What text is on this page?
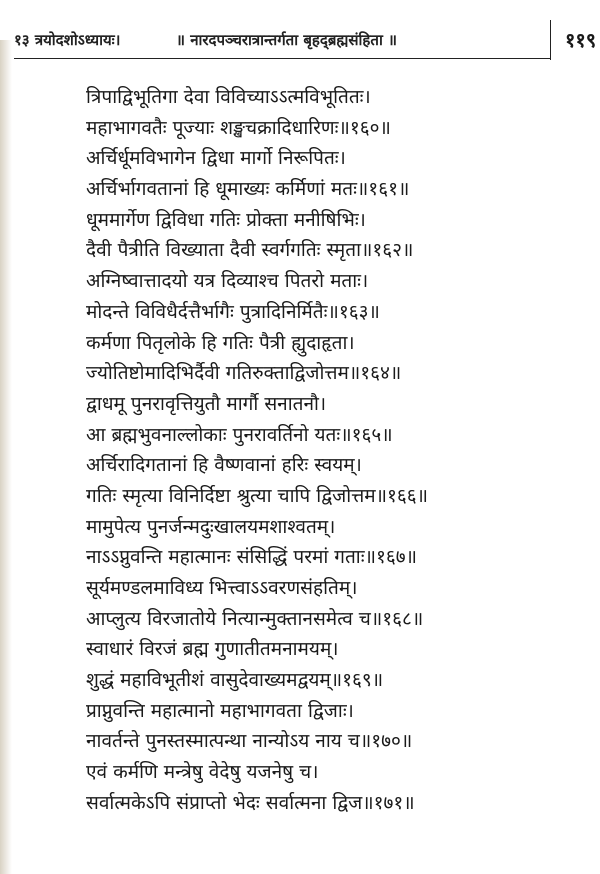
१३ त्रयोदशोऽध्यायः।	॥ नारदपञ्चरात्रान्तर्गता बृहद्ब्रह्मसंहिता ॥	११९
त्रिपाद्विभूतिगा देवा विविच्याऽऽत्मविभूतितः।
महाभागवतैः पूज्याः शङ्खचक्रादिधारिणः॥१६०॥
अर्चिर्धूमविभागेन द्विधा मार्गो निरूपितः।
अर्चिर्भागवतानां हि धूमाख्यः कर्मिणां मतः॥१६१॥
धूममार्गेण द्विविधा गतिः प्रोक्ता मनीषिभिः।
दैवी पैत्रीति विख्याता दैवी स्वर्गगतिः स्मृता॥१६२॥
अग्निष्वात्तादयो यत्र दिव्याश्च पितरो मताः।
मोदन्ते विविधैर्दत्तैर्भागैः पुत्रादिनिर्मितैः॥१६३॥
कर्मणा पितृलोके हि गतिः पैत्री ह्युदाहृता।
ज्योतिष्टोमादिभिर्दैवी गतिरुक्ताद्विजोत्तम॥१६४॥
द्वाधमू पुनरावृत्तियुतौ मार्गौ सनातनौ।
आ ब्रह्मभुवनाल्लोकाः पुनरावर्तिनो यतः॥१६५॥
अर्चिरादिगतानां हि वैष्णवानां हरिः स्वयम्।
गतिः स्मृत्या विनिर्दिष्टा श्रुत्या चापि द्विजोत्तम॥१६६॥
मामुपेत्य पुनर्जन्मदुःखालयमशाश्वतम्।
नाऽऽप्नुवन्ति महात्मानः संसिद्धिं परमां गताः॥१६७॥
सूर्यमण्डलमाविध्य भित्त्वाऽऽवरणसंहतिम्।
आप्लुत्य विरजातोये नित्यान्मुक्तानसमेत्व च॥१६८॥
स्वाधारं विरजं ब्रह्म गुणातीतमनामयम्।
शुद्धं महाविभूतीशं वासुदेवाख्यमद्वयम्॥१६९॥
प्राप्नुवन्ति महात्मानो महाभागवता द्विजाः।
नावर्तन्ते पुनस्तस्मात्पन्था नान्योऽय नाय च॥१७०॥
एवं कर्मणि मन्त्रेषु वेदेषु यजनेषु च।
सर्वात्मकेऽपि संप्राप्तो भेदः सर्वात्मना द्विज॥१७१॥
